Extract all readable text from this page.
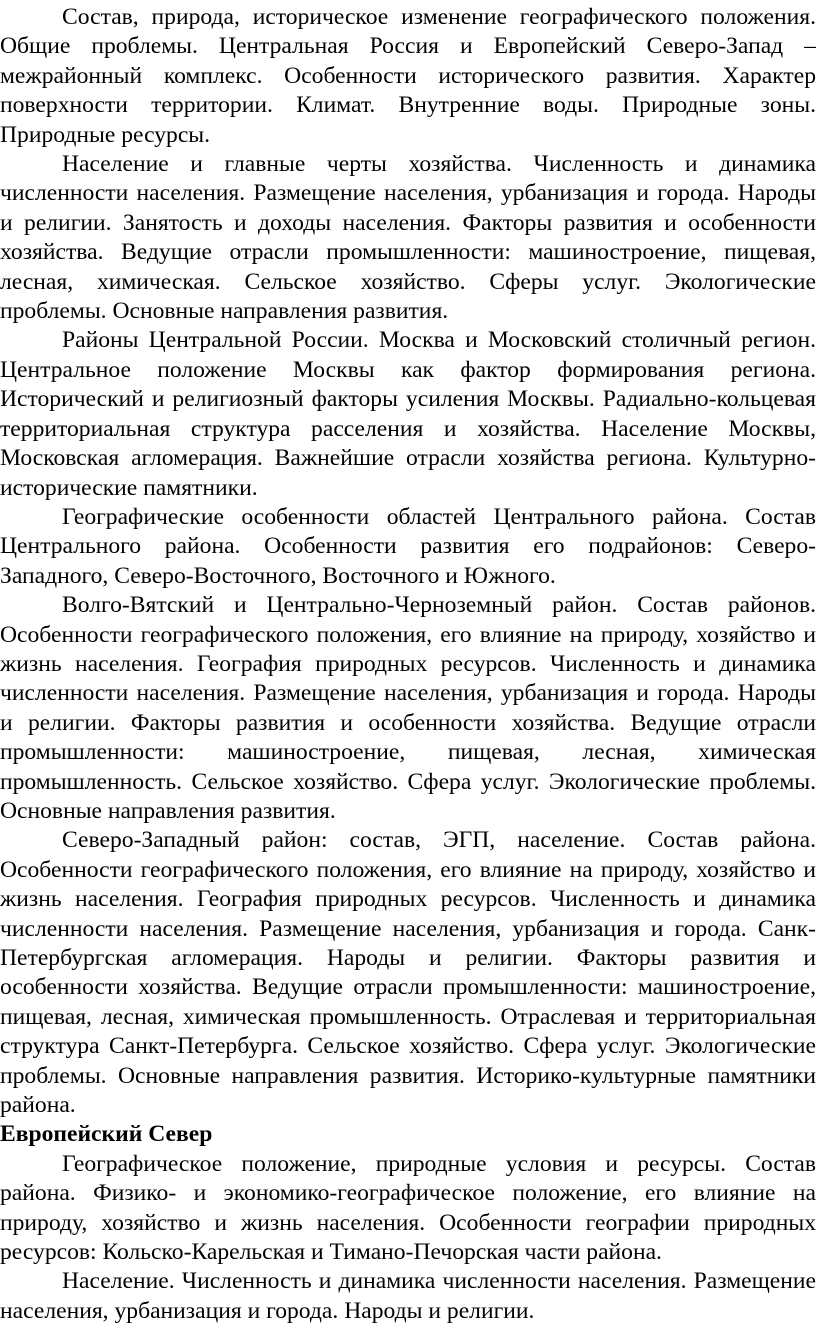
Состав, природа, историческое изменение географического положения. Общие проблемы. Центральная Россия и Европейский Северо-Запад – межрайонный комплекс. Особенности исторического развития. Характер поверхности территории. Климат. Внутренние воды. Природные зоны. Природные ресурсы.

Население и главные черты хозяйства. Численность и динамика численности населения. Размещение населения, урбанизация и города. Народы и религии. Занятость и доходы населения. Факторы развития и особенности хозяйства. Ведущие отрасли промышленности: машиностроение, пищевая, лесная, химическая. Сельское хозяйство. Сферы услуг. Экологические проблемы. Основные направления развития.

Районы Центральной России. Москва и Московский столичный регион. Центральное положение Москвы как фактор формирования региона. Исторический и религиозный факторы усиления Москвы. Радиально-кольцевая территориальная структура расселения и хозяйства. Население Москвы, Московская агломерация. Важнейшие отрасли хозяйства региона. Культурно-исторические памятники.

Географические особенности областей Центрального района. Состав Центрального района. Особенности развития его подрайонов: Северо-Западного, Северо-Восточного, Восточного и Южного.

Волго-Вятский и Центрально-Черноземный район. Состав районов. Особенности географического положения, его влияние на природу, хозяйство и жизнь населения. География природных ресурсов. Численность и динамика численности населения. Размещение населения, урбанизация и города. Народы и религии. Факторы развития и особенности хозяйства. Ведущие отрасли промышленности: машиностроение, пищевая, лесная, химическая промышленность. Сельское хозяйство. Сфера услуг. Экологические проблемы. Основные направления развития.

Северо-Западный район: состав, ЭГП, население. Состав района. Особенности географического положения, его влияние на природу, хозяйство и жизнь населения. География природных ресурсов. Численность и динамика численности населения. Размещение населения, урбанизация и города. Санк-Петербургская агломерация. Народы и религии. Факторы развития и особенности хозяйства. Ведущие отрасли промышленности: машиностроение, пищевая, лесная, химическая промышленность. Отраслевая и территориальная структура Санкт-Петербурга. Сельское хозяйство. Сфера услуг. Экологические проблемы. Основные направления развития. Историко-культурные памятники района.

Европейский Север

Географическое положение, природные условия и ресурсы. Состав района. Физико- и экономико-географическое положение, его влияние на природу, хозяйство и жизнь населения. Особенности географии природных ресурсов: Кольско-Карельская и Тимано-Печорская части района.

Население. Численность и динамика численности населения. Размещение населения, урбанизация и города. Народы и религии.
